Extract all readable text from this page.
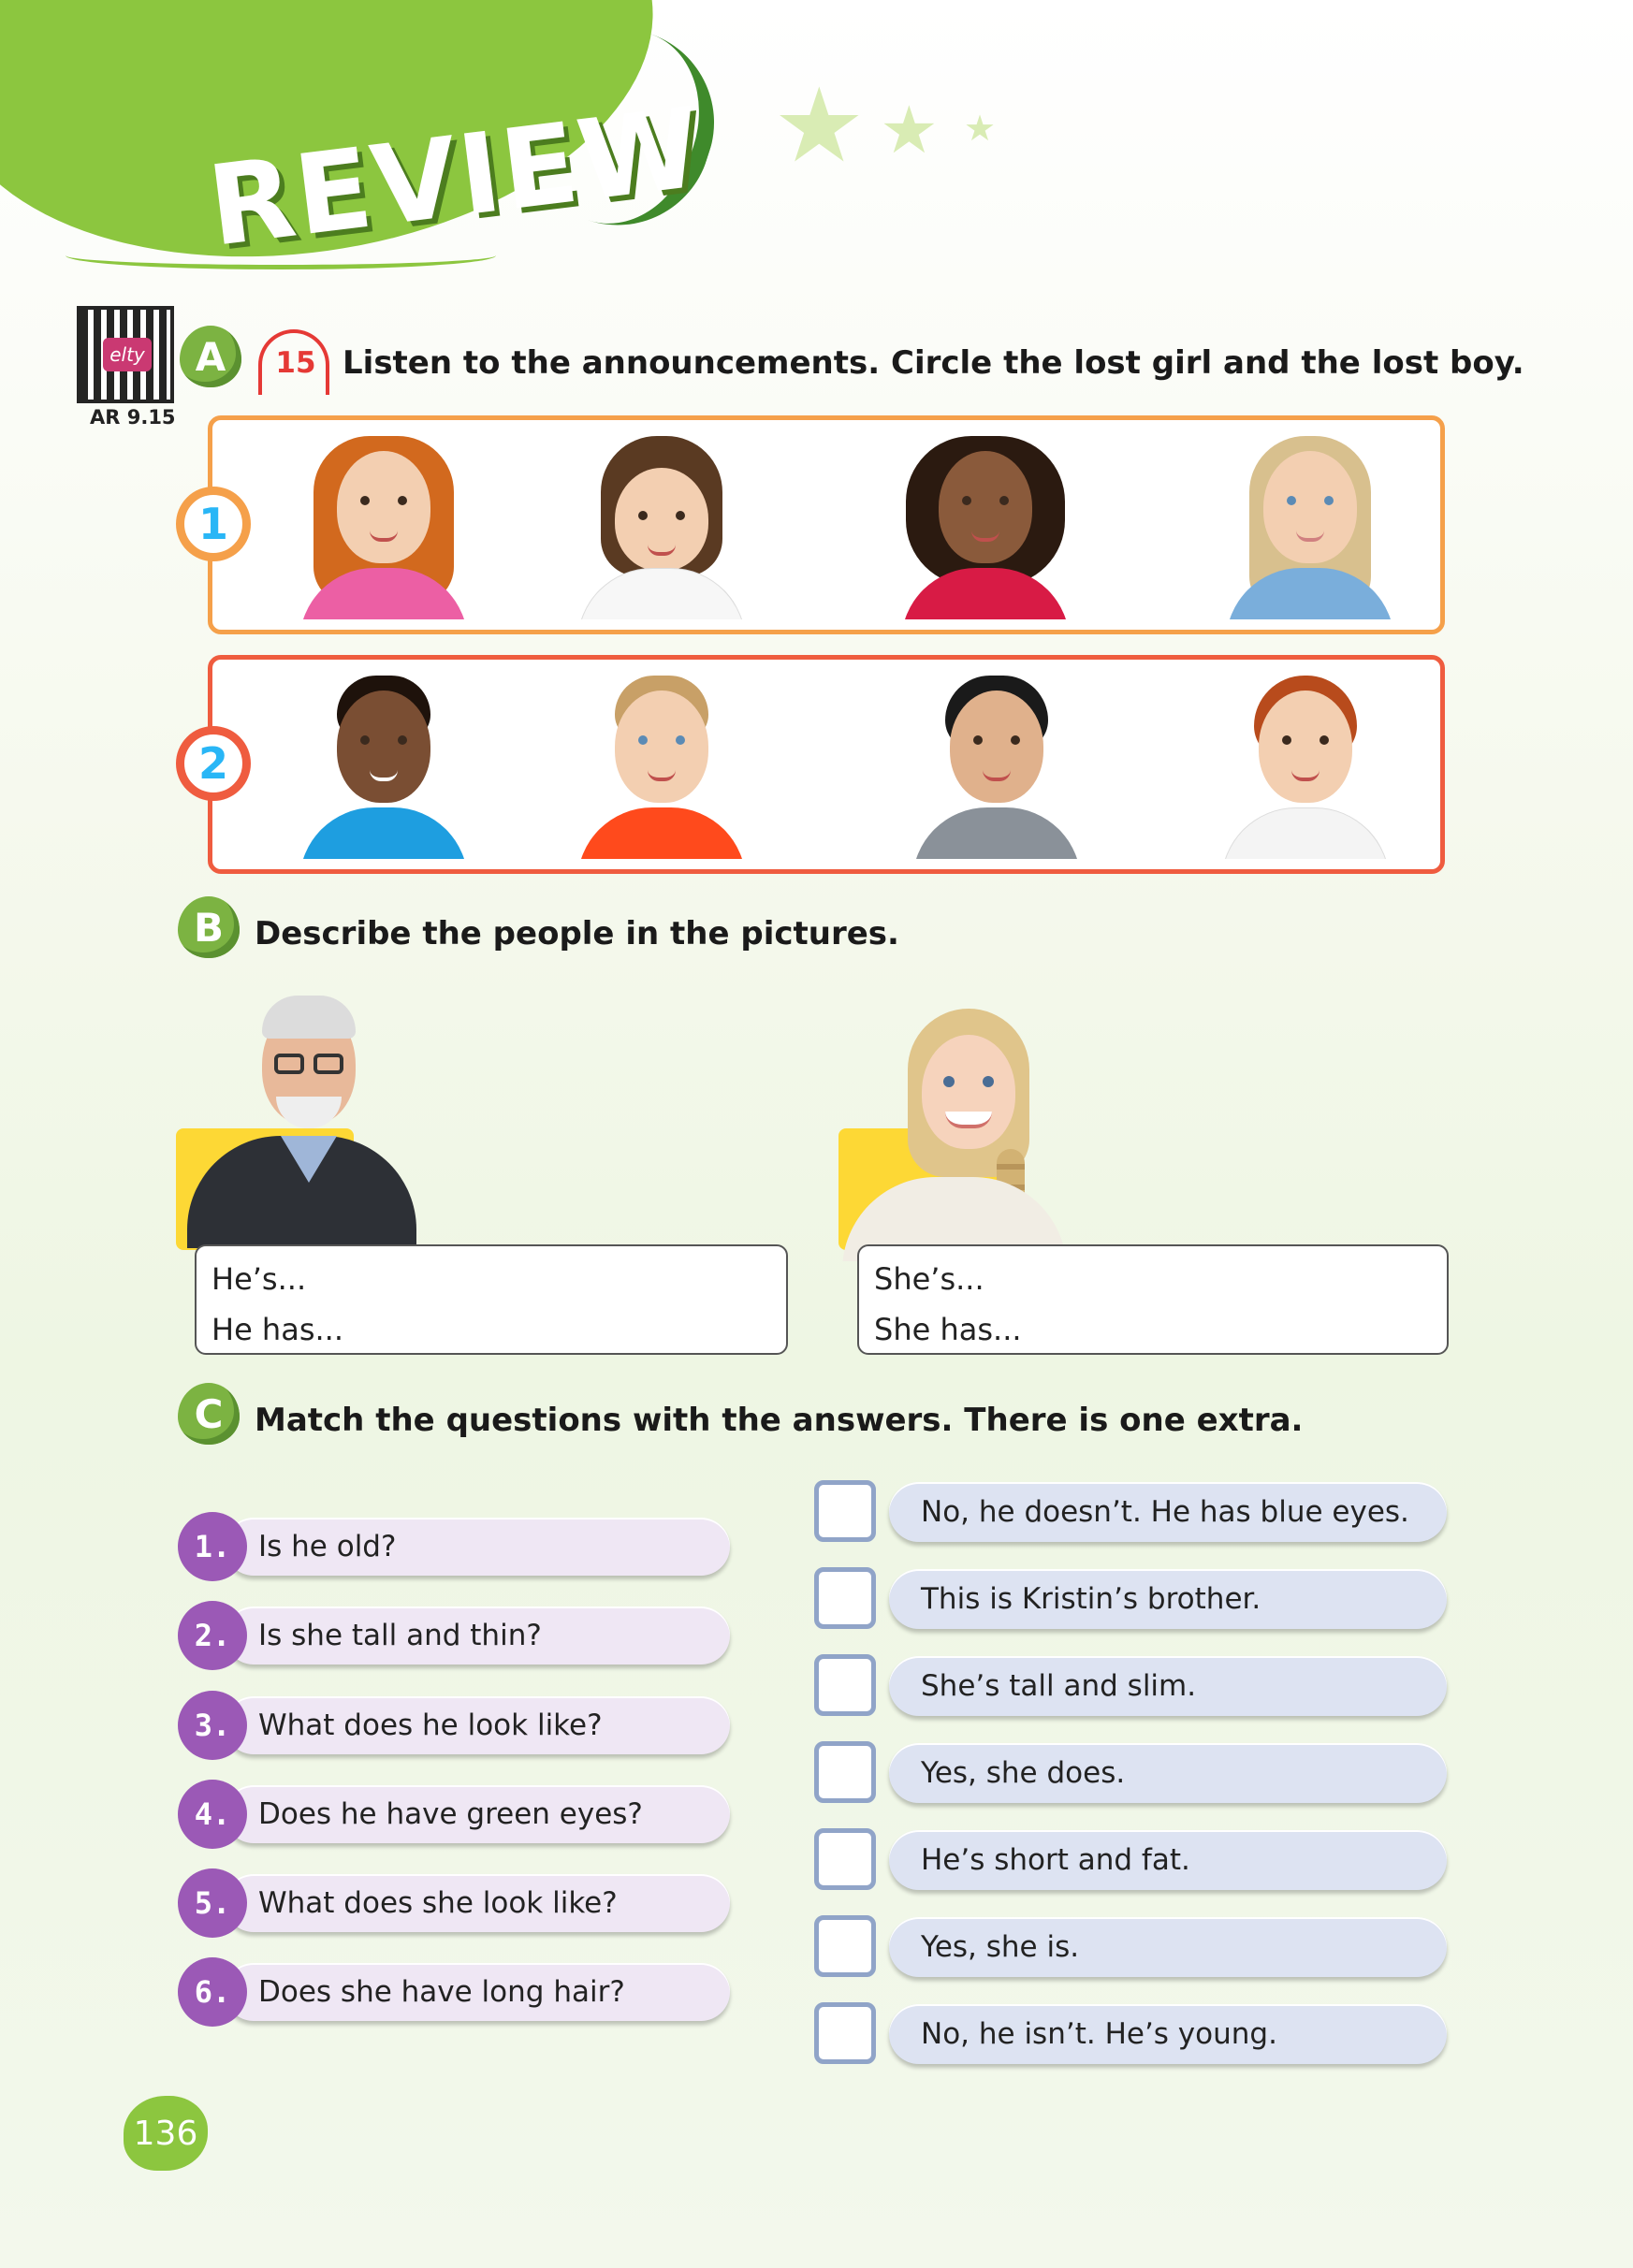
REVIEW ★ ★ ★
elty
AR 9.15
A	15 Listen to the announcements. Circle the lost girl and the lost boy.
1
2
B Describe the people in the pictures.
He’s...
He has...
She’s...
She has...
C Match the questions with the answers. There is one extra.
Is he old?
1.
Is she tall and thin?
2.
What does he look like?
3.
Does he have green eyes?
4.
What does she look like?
5.
Does she have long hair?
6.
No, he doesn’t. He has blue eyes.
This is Kristin’s brother.
She’s tall and slim.
Yes, she does.
He’s short and fat.
Yes, she is.
No, he isn’t. He’s young.
136
